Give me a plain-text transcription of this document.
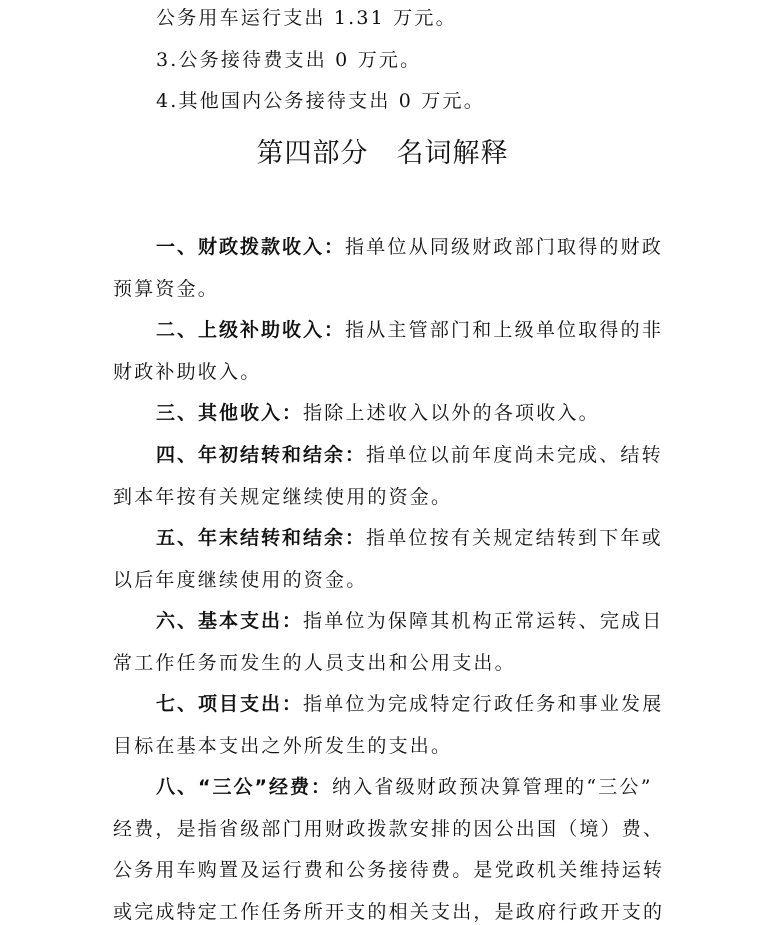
公务用车运行支出 1.31 万元。
3.公务接待费支出 0 万元。
4.其他国内公务接待支出 0 万元。
第四部分　名词解释
一、财政拨款收入：指单位从同级财政部门取得的财政
预算资金。
二、上级补助收入：指从主管部门和上级单位取得的非
财政补助收入。
三、其他收入：指除上述收入以外的各项收入。
四、年初结转和结余：指单位以前年度尚未完成、结转
到本年按有关规定继续使用的资金。
五、年末结转和结余：指单位按有关规定结转到下年或
以后年度继续使用的资金。
六、基本支出：指单位为保障其机构正常运转、完成日
常工作任务而发生的人员支出和公用支出。
七、项目支出：指单位为完成特定行政任务和事业发展
目标在基本支出之外所发生的支出。
八、“三公”经费：纳入省级财政预决算管理的“三公”
经费，是指省级部门用财政拨款安排的因公出国（境）费、
公务用车购置及运行费和公务接待费。是党政机关维持运转
或完成特定工作任务所开支的相关支出，是政府行政开支的
